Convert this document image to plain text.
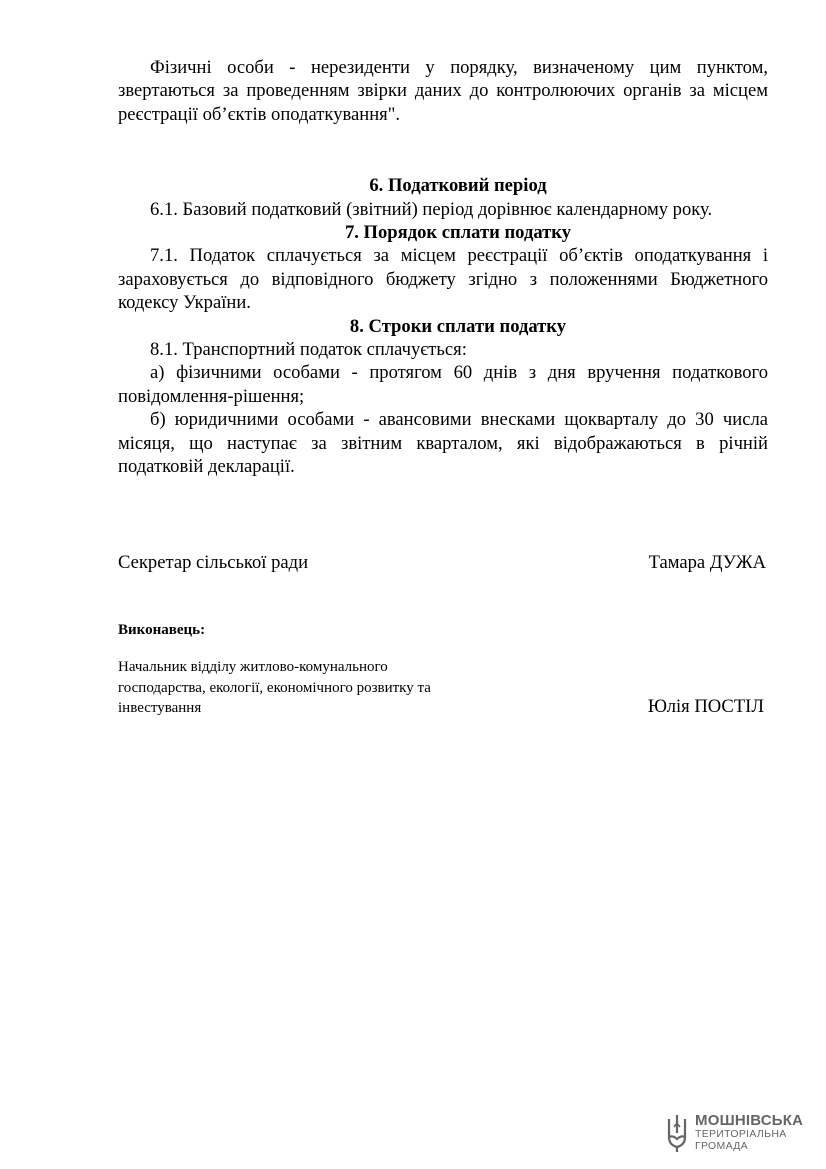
Фізичні особи - нерезиденти у порядку, визначеному цим пунктом, звертаються за проведенням звірки даних до контролюючих органів за місцем реєстрації об’єктів оподаткування".

6. Податковий період

6.1. Базовий податковий (звітний) період дорівнює календарному року.

7. Порядок сплати податку

7.1. Податок сплачується за місцем реєстрації об’єктів оподаткування і зараховується до відповідного бюджету згідно з положеннями Бюджетного кодексу України.

8. Строки сплати податку

8.1. Транспортний податок сплачується:

а) фізичними особами - протягом 60 днів з дня вручення податкового повідомлення-рішення;

б) юридичними особами - авансовими внесками щокварталу до 30 числа місяця, що наступає за звітним кварталом, які відображаються в річній податковій декларації.

Секретар сільської ради	Тамара ДУЖА
Виконавець:
Начальник відділу житлово-комунального
господарства, екології, економічного розвитку та
інвестування	Юлія ПОСТІЛ
МОШНІВСЬКА
ТЕРИТОРІАЛЬНА
ГРОМАДА
